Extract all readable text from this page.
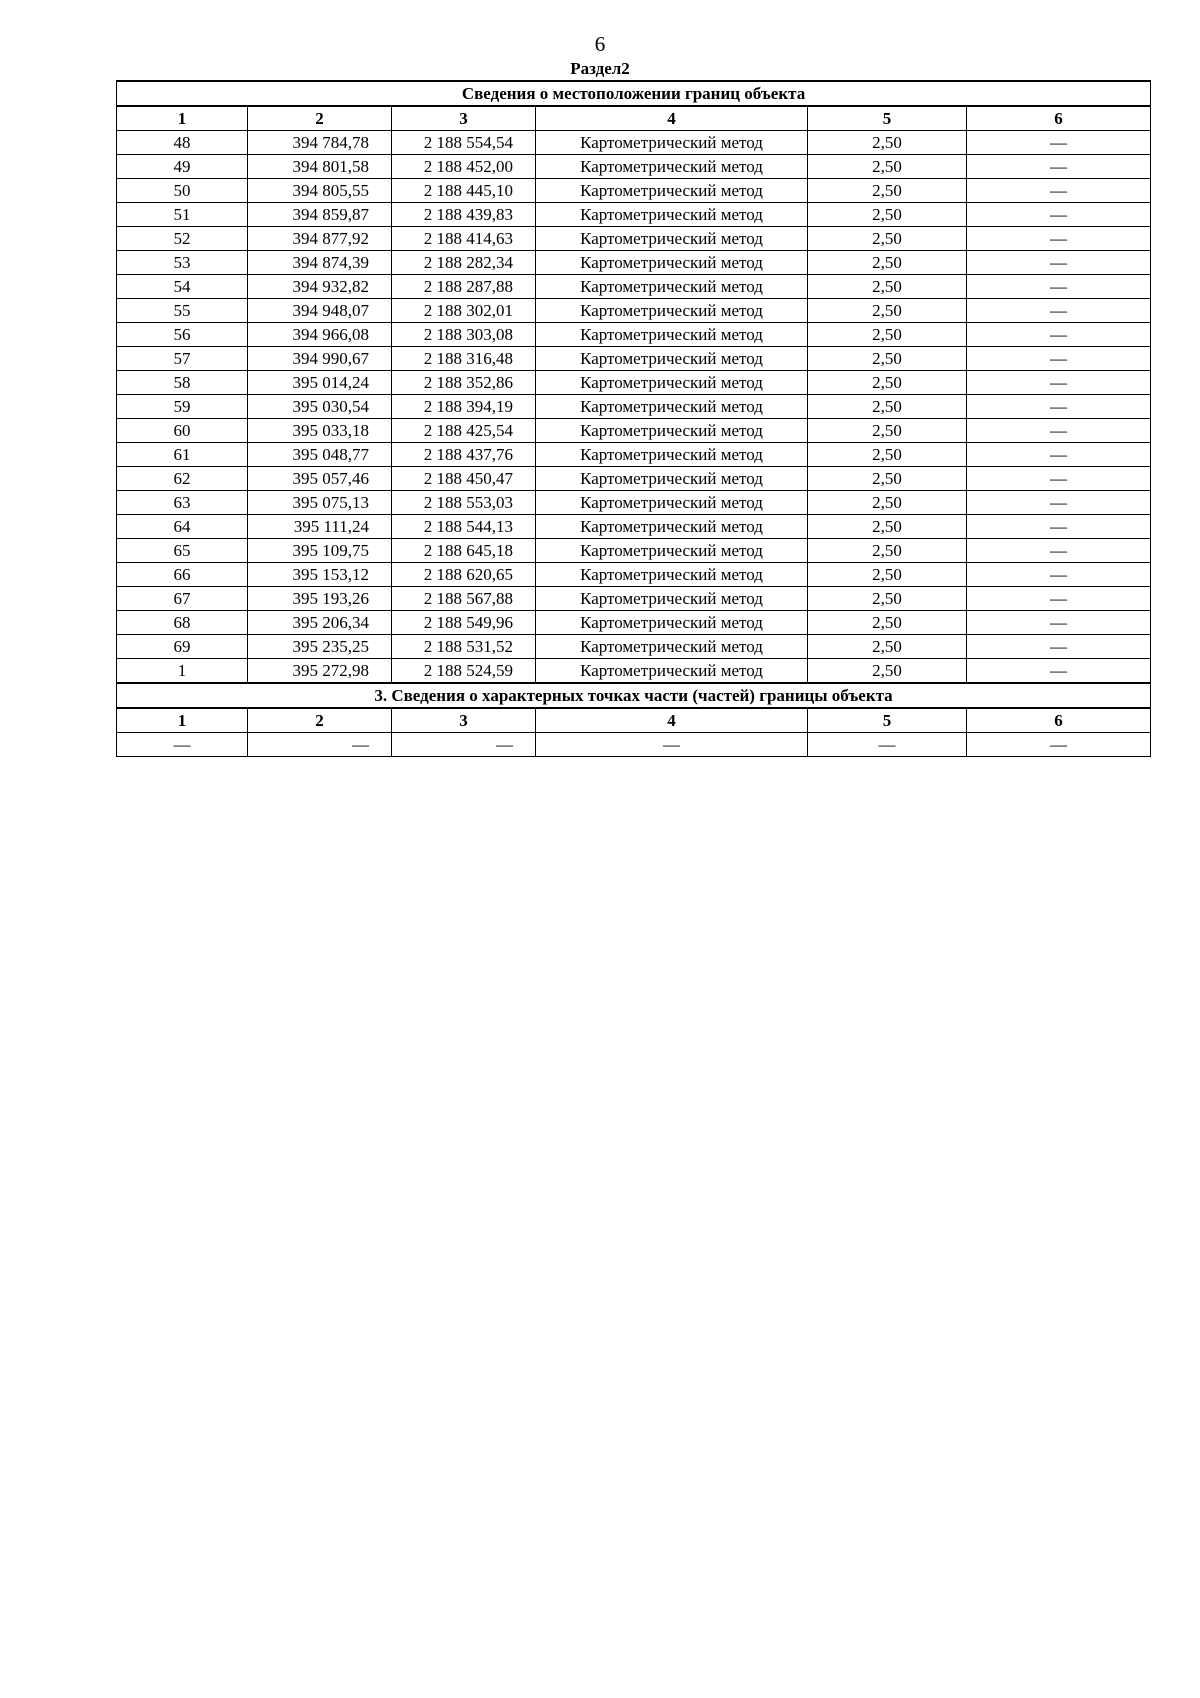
6
Раздел2
Сведения о местоположении границ объекта					
1	2	3	4	5	6
48	394 784,78	2 188 554,54	Картометрический метод	2,50	—
49	394 801,58	2 188 452,00	Картометрический метод	2,50	—
50	394 805,55	2 188 445,10	Картометрический метод	2,50	—
51	394 859,87	2 188 439,83	Картометрический метод	2,50	—
52	394 877,92	2 188 414,63	Картометрический метод	2,50	—
53	394 874,39	2 188 282,34	Картометрический метод	2,50	—
54	394 932,82	2 188 287,88	Картометрический метод	2,50	—
55	394 948,07	2 188 302,01	Картометрический метод	2,50	—
56	394 966,08	2 188 303,08	Картометрический метод	2,50	—
57	394 990,67	2 188 316,48	Картометрический метод	2,50	—
58	395 014,24	2 188 352,86	Картометрический метод	2,50	—
59	395 030,54	2 188 394,19	Картометрический метод	2,50	—
60	395 033,18	2 188 425,54	Картометрический метод	2,50	—
61	395 048,77	2 188 437,76	Картометрический метод	2,50	—
62	395 057,46	2 188 450,47	Картометрический метод	2,50	—
63	395 075,13	2 188 553,03	Картометрический метод	2,50	—
64	395 111,24	2 188 544,13	Картометрический метод	2,50	—
65	395 109,75	2 188 645,18	Картометрический метод	2,50	—
66	395 153,12	2 188 620,65	Картометрический метод	2,50	—
67	395 193,26	2 188 567,88	Картометрический метод	2,50	—
68	395 206,34	2 188 549,96	Картометрический метод	2,50	—
69	395 235,25	2 188 531,52	Картометрический метод	2,50	—
1	395 272,98	2 188 524,59	Картометрический метод	2,50	—
3. Сведения о характерных точках части (частей) границы объекта					
1	2	3	4	5	6
—	—	—	—	—	—
